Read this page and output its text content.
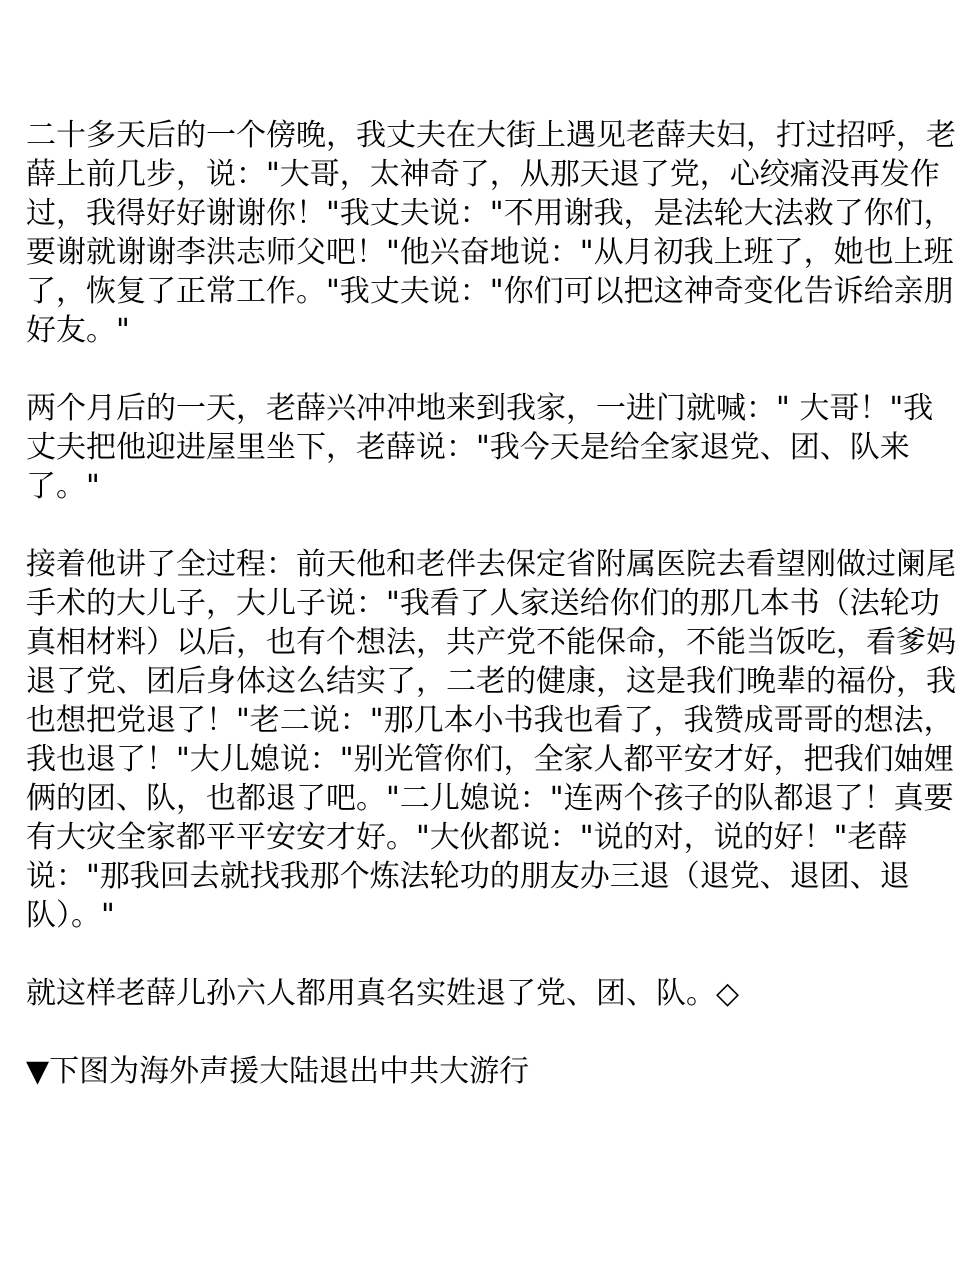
二十多天后的一个傍晚，我丈夫在大街上遇见老薛夫妇，打过招呼，老薛上前几步，说："大哥，太神奇了，从那天退了党，心绞痛没再发作过，我得好好谢谢你！"我丈夫说："不用谢我，是法轮大法救了你们，要谢就谢谢李洪志师父吧！"他兴奋地说："从月初我上班了，她也上班了，恢复了正常工作。"我丈夫说："你们可以把这神奇变化告诉给亲朋好友。"

两个月后的一天，老薛兴冲冲地来到我家，一进门就喊：" 大哥！"我丈夫把他迎进屋里坐下，老薛说："我今天是给全家退党、团、队来了。"

接着他讲了全过程：前天他和老伴去保定省附属医院去看望刚做过阑尾手术的大儿子，大儿子说："我看了人家送给你们的那几本书（法轮功真相材料）以后，也有个想法，共产党不能保命，不能当饭吃，看爹妈退了党、团后身体这么结实了，二老的健康，这是我们晚辈的福份，我也想把党退了！"老二说："那几本小书我也看了，我赞成哥哥的想法，我也退了！"大儿媳说："别光管你们，全家人都平安才好，把我们妯娌俩的团、队，也都退了吧。"二儿媳说："连两个孩子的队都退了！真要有大灾全家都平平安安才好。"大伙都说："说的对，说的好！"老薛说："那我回去就找我那个炼法轮功的朋友办三退（退党、退团、退队）。"

就这样老薛儿孙六人都用真名实姓退了党、团、队。◇

▼下图为海外声援大陆退出中共大游行
